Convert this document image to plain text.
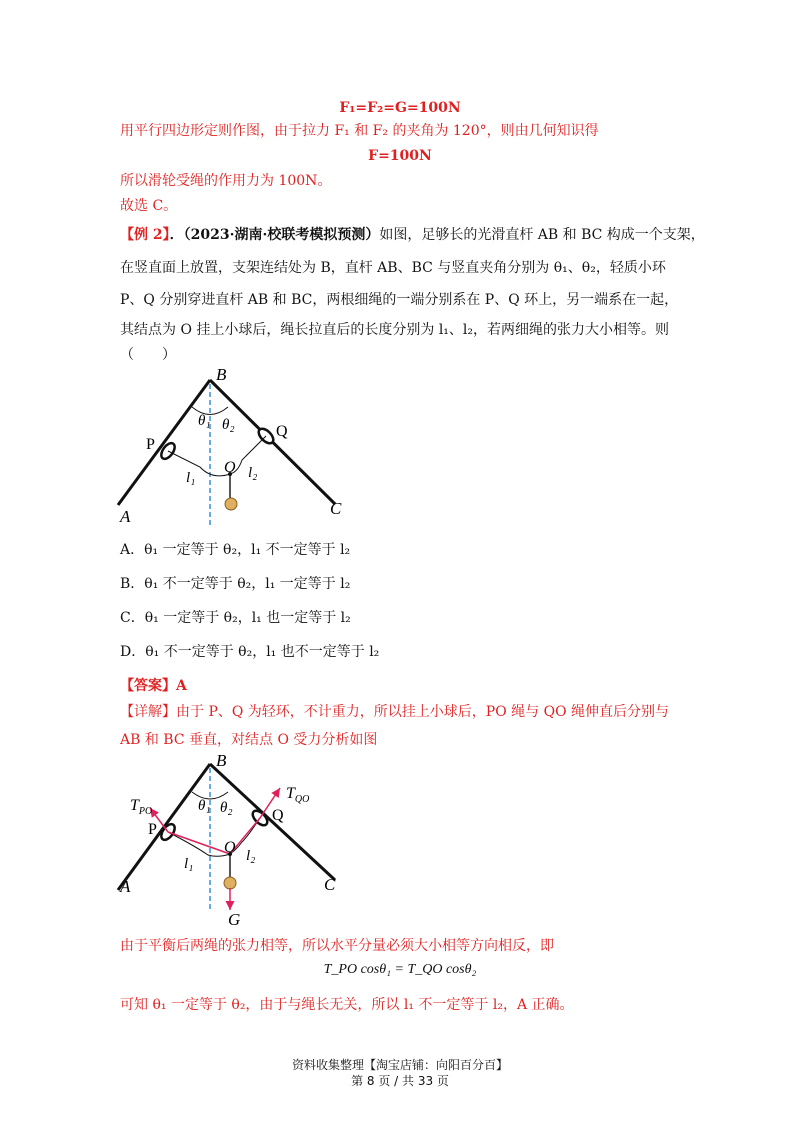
F₁=F₂=G=100N
用平行四边形定则作图，由于拉力 F₁ 和 F₂ 的夹角为 120°，则由几何知识得
F=100N
所以滑轮受绳的作用力为 100N。
故选 C。
【例 2】．（2023·湖南·校联考模拟预测）如图，足够长的光滑直杆 AB 和 BC 构成一个支架，
在竖直面上放置，支架连结处为 B，直杆 AB、BC 与竖直夹角分别为 θ₁、θ₂，轻质小环
P、Q 分别穿进直杆 AB 和 BC，两根细绳的一端分别系在 P、Q 环上，另一端系在一起，
其结点为 O 挂上小球后，绳长拉直后的长度分别为 l₁、l₂，若两细绳的张力大小相等。则
（　　）
B
θ₁ θ₂
P
Q
O l₂
l₁
A	C
A．θ₁ 一定等于 θ₂，l₁ 不一定等于 l₂
B．θ₁ 不一定等于 θ₂，l₁ 一定等于 l₂
C．θ₁ 一定等于 θ₂，l₁ 也一定等于 l₂
D．θ₁ 不一定等于 θ₂，l₁ 也不一定等于 l₂
【答案】A
【详解】由于 P、Q 为轻环，不计重力，所以挂上小球后，PO 绳与 QO 绳伸直后分别与
AB 和 BC 垂直，对结点 O 受力分析如图
B
$T_{PO}$
$T_{QO}$
θ₁ θ₂
P
Q
O l₂
l₁
A	C
G
由于平衡后两绳的张力相等，所以水平分量必须大小相等方向相反，即
T_PO cosθ₁ = T_QO cosθ₂
可知 θ₁ 一定等于 θ₂，由于与绳长无关，所以 l₁ 不一定等于 l₂，A 正确。
资料收集整理【淘宝店铺：向阳百分百】
第 8 页 / 共 33 页
